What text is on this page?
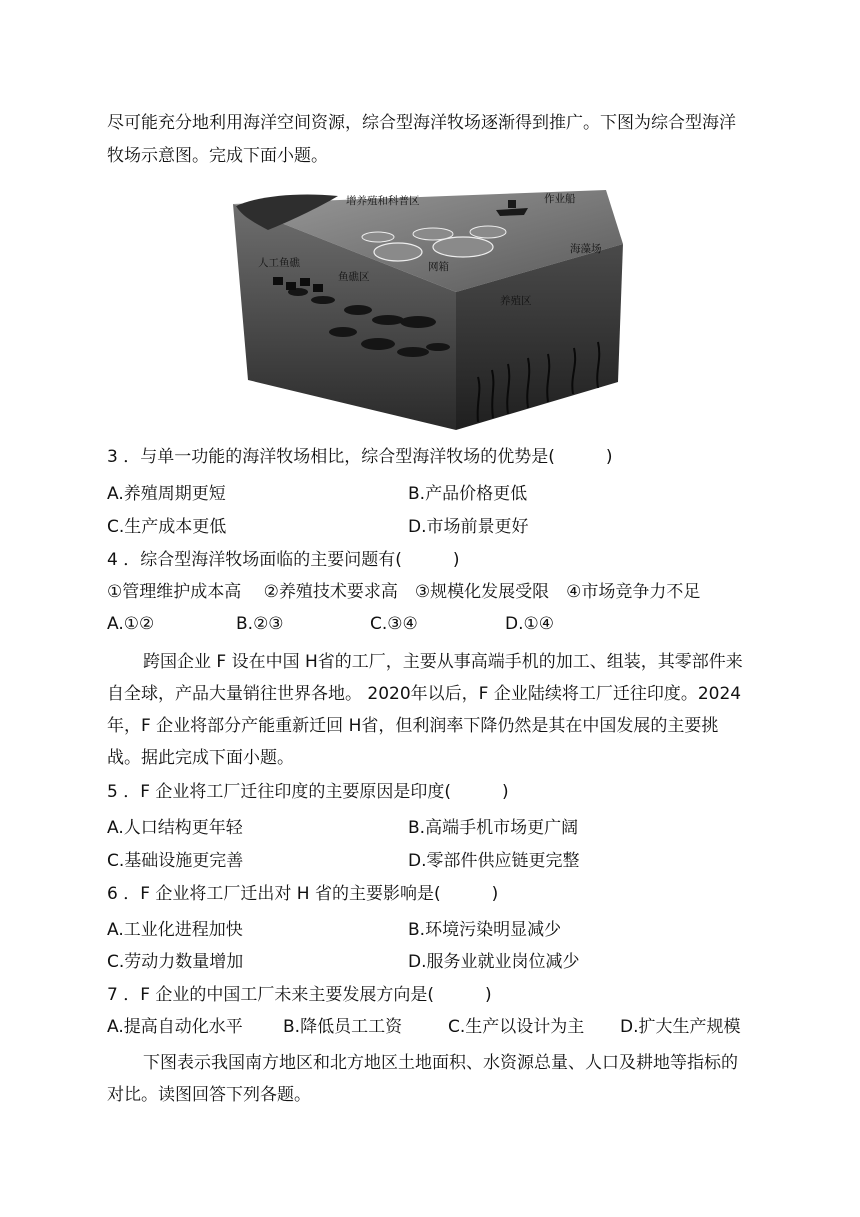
尽可能充分地利用海洋空间资源，综合型海洋牧场逐渐得到推广。下图为综合型海洋
牧场示意图。完成下面小题。
增养殖和科普区	作业船
人工鱼礁
海藻场
鱼礁区
网箱
养殖区
3 ．与单一功能的海洋牧场相比，综合型海洋牧场的优势是(　　　)
A.养殖周期更短	B.产品价格更低
C.生产成本更低	D.市场前景更好
4 ．综合型海洋牧场面临的主要问题有(　　　)
①管理维护成本高　 ②养殖技术要求高　③规模化发展受限　④市场竞争力不足
A.①②	B.②③	C.③④	D.①④
跨国企业 F 设在中国 H省的工厂，主要从事高端手机的加工、组装，其零部件来
自全球，产品大量销往世界各地。 2020年以后，F 企业陆续将工厂迁往印度。2024
年，F 企业将部分产能重新迁回 H省，但利润率下降仍然是其在中国发展的主要挑
战。据此完成下面小题。
5 ．F 企业将工厂迁往印度的主要原因是印度(　　　)
A.人口结构更年轻	B.高端手机市场更广阔
C.基础设施更完善	D.零部件供应链更完整
6 ．F 企业将工厂迁出对 H 省的主要影响是(　　　)
A.工业化进程加快	B.环境污染明显减少
C.劳动力数量增加	D.服务业就业岗位减少
7 ．F 企业的中国工厂未来主要发展方向是(　　　)
A.提高自动化水平 B.降低员工工资	C.生产以设计为主 D.扩大生产规模
下图表示我国南方地区和北方地区土地面积、水资源总量、人口及耕地等指标的
对比。读图回答下列各题。
